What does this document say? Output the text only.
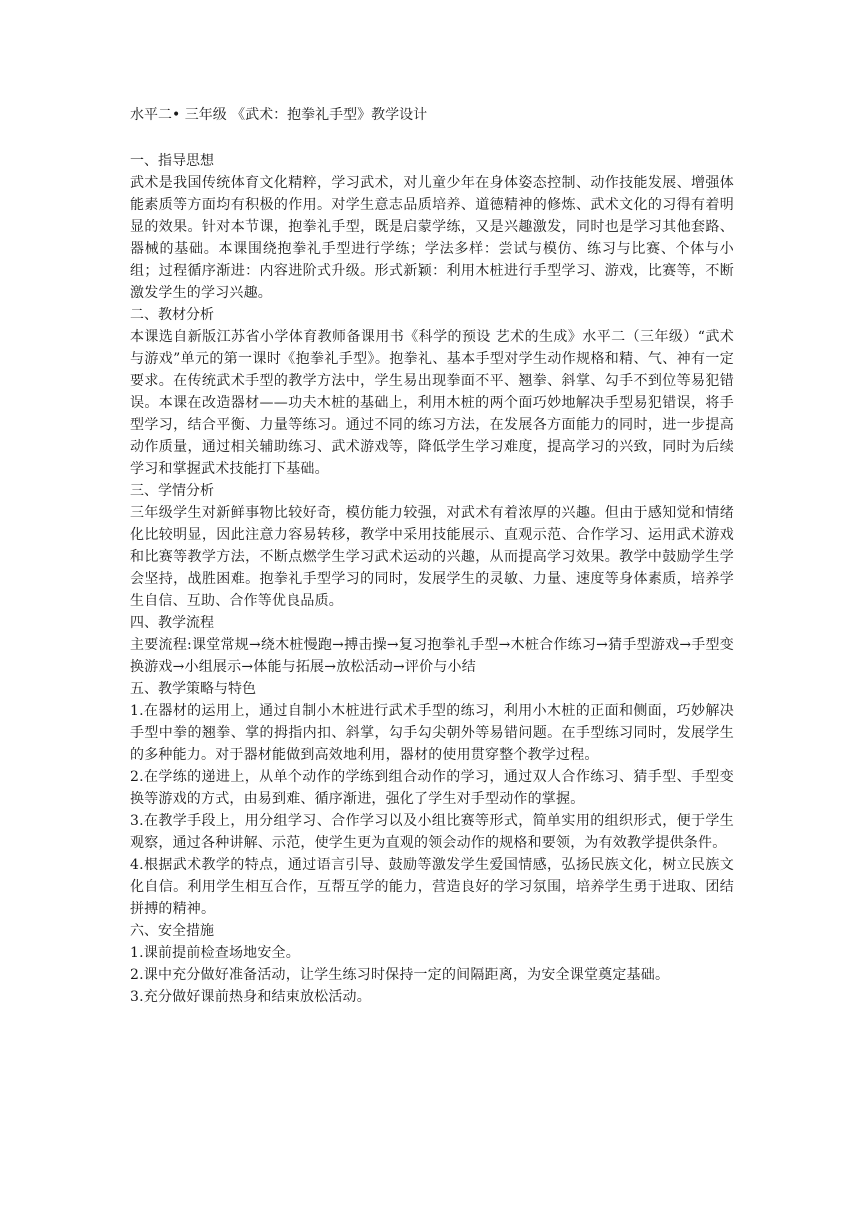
水平二• 三年级 《武术：抱拳礼手型》教学设计
一、指导思想

武术是我国传统体育文化精粹，学习武术，对儿童少年在身体姿态控制、动作技能发展、增强体能素质等方面均有积极的作用。对学生意志品质培养、道德精神的修炼、武术文化的习得有着明显的效果。针对本节课，抱拳礼手型，既是启蒙学练，又是兴趣激发，同时也是学习其他套路、器械的基础。本课围绕抱拳礼手型进行学练；学法多样：尝试与模仿、练习与比赛、个体与小组；过程循序渐进：内容进阶式升级。形式新颖：利用木桩进行手型学习、游戏，比赛等，不断激发学生的学习兴趣。

二、教材分析

本课选自新版江苏省小学体育教师备课用书《科学的预设 艺术的生成》水平二（三年级）“武术与游戏”单元的第一课时《抱拳礼手型》。抱拳礼、基本手型对学生动作规格和精、气、神有一定要求。在传统武术手型的教学方法中，学生易出现拳面不平、翘拳、斜掌、勾手不到位等易犯错误。本课在改造器材——功夫木桩的基础上，利用木桩的两个面巧妙地解决手型易犯错误，将手型学习，结合平衡、力量等练习。通过不同的练习方法，在发展各方面能力的同时，进一步提高动作质量，通过相关辅助练习、武术游戏等，降低学生学习难度，提高学习的兴致，同时为后续学习和掌握武术技能打下基础。

三、学情分析

三年级学生对新鲜事物比较好奇，模仿能力较强，对武术有着浓厚的兴趣。但由于感知觉和情绪化比较明显，因此注意力容易转移，教学中采用技能展示、直观示范、合作学习、运用武术游戏和比赛等教学方法，不断点燃学生学习武术运动的兴趣，从而提高学习效果。教学中鼓励学生学会坚持，战胜困难。抱拳礼手型学习的同时，发展学生的灵敏、力量、速度等身体素质，培养学生自信、互助、合作等优良品质。

四、教学流程

主要流程:课堂常规→绕木桩慢跑→搏击操→复习抱拳礼手型→木桩合作练习→猜手型游戏→手型变换游戏→小组展示→体能与拓展→放松活动→评价与小结

五、教学策略与特色

1.在器材的运用上，通过自制小木桩进行武术手型的练习，利用小木桩的正面和侧面，巧妙解决手型中拳的翘拳、掌的拇指内扣、斜掌，勾手勾尖朝外等易错问题。在手型练习同时，发展学生的多种能力。对于器材能做到高效地利用，器材的使用贯穿整个教学过程。

2.在学练的递进上，从单个动作的学练到组合动作的学习，通过双人合作练习、猜手型、手型变换等游戏的方式，由易到难、循序渐进，强化了学生对手型动作的掌握。

3.在教学手段上，用分组学习、合作学习以及小组比赛等形式，简单实用的组织形式，便于学生观察，通过各种讲解、示范，使学生更为直观的领会动作的规格和要领，为有效教学提供条件。

4.根据武术教学的特点，通过语言引导、鼓励等激发学生爱国情感，弘扬民族文化，树立民族文化自信。利用学生相互合作，互帮互学的能力，营造良好的学习氛围，培养学生勇于进取、团结拼搏的精神。

六、安全措施

1.课前提前检查场地安全。

2.课中充分做好准备活动，让学生练习时保持一定的间隔距离，为安全课堂奠定基础。

3.充分做好课前热身和结束放松活动。
